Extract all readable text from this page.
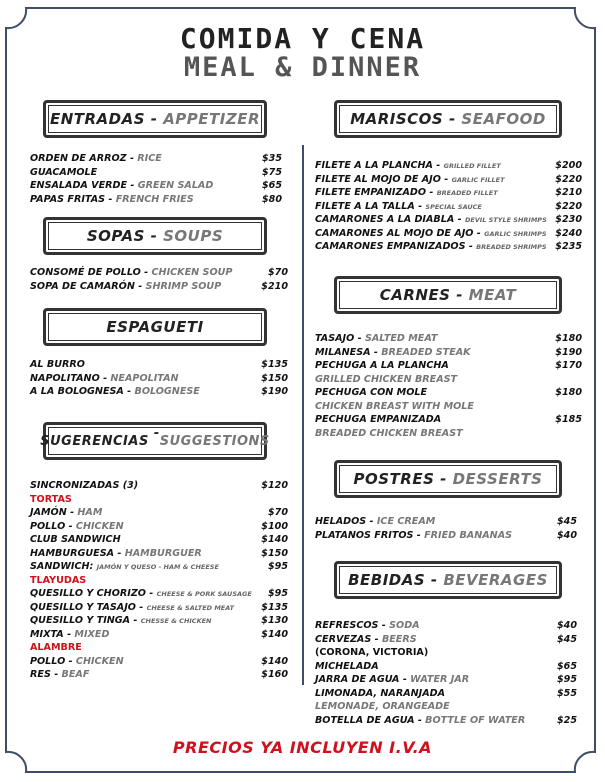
COMIDA Y CENA
MEAL & DINNER
ENTRADAS - APPETIZER
SOPAS - SOUPS
ESPAGUETI
SUGERENCIAS - SUGGESTIONS
MARISCOS - SEAFOOD
CARNES - MEAT
POSTRES - DESSERTS
BEBIDAS - BEVERAGES
ORDEN DE ARROZ - RICE	$35
GUACAMOLE	$75
ENSALADA VERDE - GREEN SALAD	$65
PAPAS FRITAS - FRENCH FRIES	$80
CONSOMÉ DE POLLO - CHICKEN SOUP	$70
SOPA DE CAMARÓN - SHRIMP SOUP	$210
AL BURRO	$135
NAPOLITANO - NEAPOLITAN	$150
A LA BOLOGNESA - BOLOGNESE	$190
SINCRONIZADAS (3)	$120
TORTAS
JAMÓN - HAM	$70
POLLO - CHICKEN	$100
CLUB SANDWICH	$140
HAMBURGUESA - HAMBURGUER	$150
SANDWICH: JAMÓN Y QUESO - HAM & CHEESE	$95
TLAYUDAS
QUESILLO Y CHORIZO - CHEESE & PORK SAUSAGE $95
QUESILLO Y TASAJO - CHEESE & SALTED MEAT	$135
QUESILLO Y TINGA - CHESSE & CHICKEN	$130
MIXTA - MIXED	$140
ALAMBRE
POLLO - CHICKEN	$140
RES - BEAF	$160
FILETE A LA PLANCHA - GRILLED FILLET	$200
FILETE AL MOJO DE AJO - GARLIC FILLET	$220
FILETE EMPANIZADO - BREADED FILLET	$210
FILETE A LA TALLA - SPECIAL SAUCE	$220
CAMARONES A LA DIABLA - DEVIL STYLE SHRIMPS $230
CAMARONES AL MOJO DE AJO - GARLIC SHRIMPS $240
CAMARONES EMPANIZADOS - BREADED SHRIMPS $235
TASAJO - SALTED MEAT	$180
MILANESA - BREADED STEAK	$190
PECHUGA A LA PLANCHA	$170
GRILLED CHICKEN BREAST
PECHUGA CON MOLE	$180
CHICKEN BREAST WITH MOLE
PECHUGA EMPANIZADA	$185
BREADED CHICKEN BREAST
HELADOS - ICE CREAM	$45
PLATANOS FRITOS - FRIED BANANAS	$40
REFRESCOS - SODA	$40
CERVEZAS - BEERS	$45
(CORONA, VICTORIA)
MICHELADA	$65
JARRA DE AGUA - WATER JAR	$95
LIMONADA, NARANJADA	$55
LEMONADE, ORANGEADE
BOTELLA DE AGUA - BOTTLE OF WATER	$25
PRECIOS YA INCLUYEN I.V.A
